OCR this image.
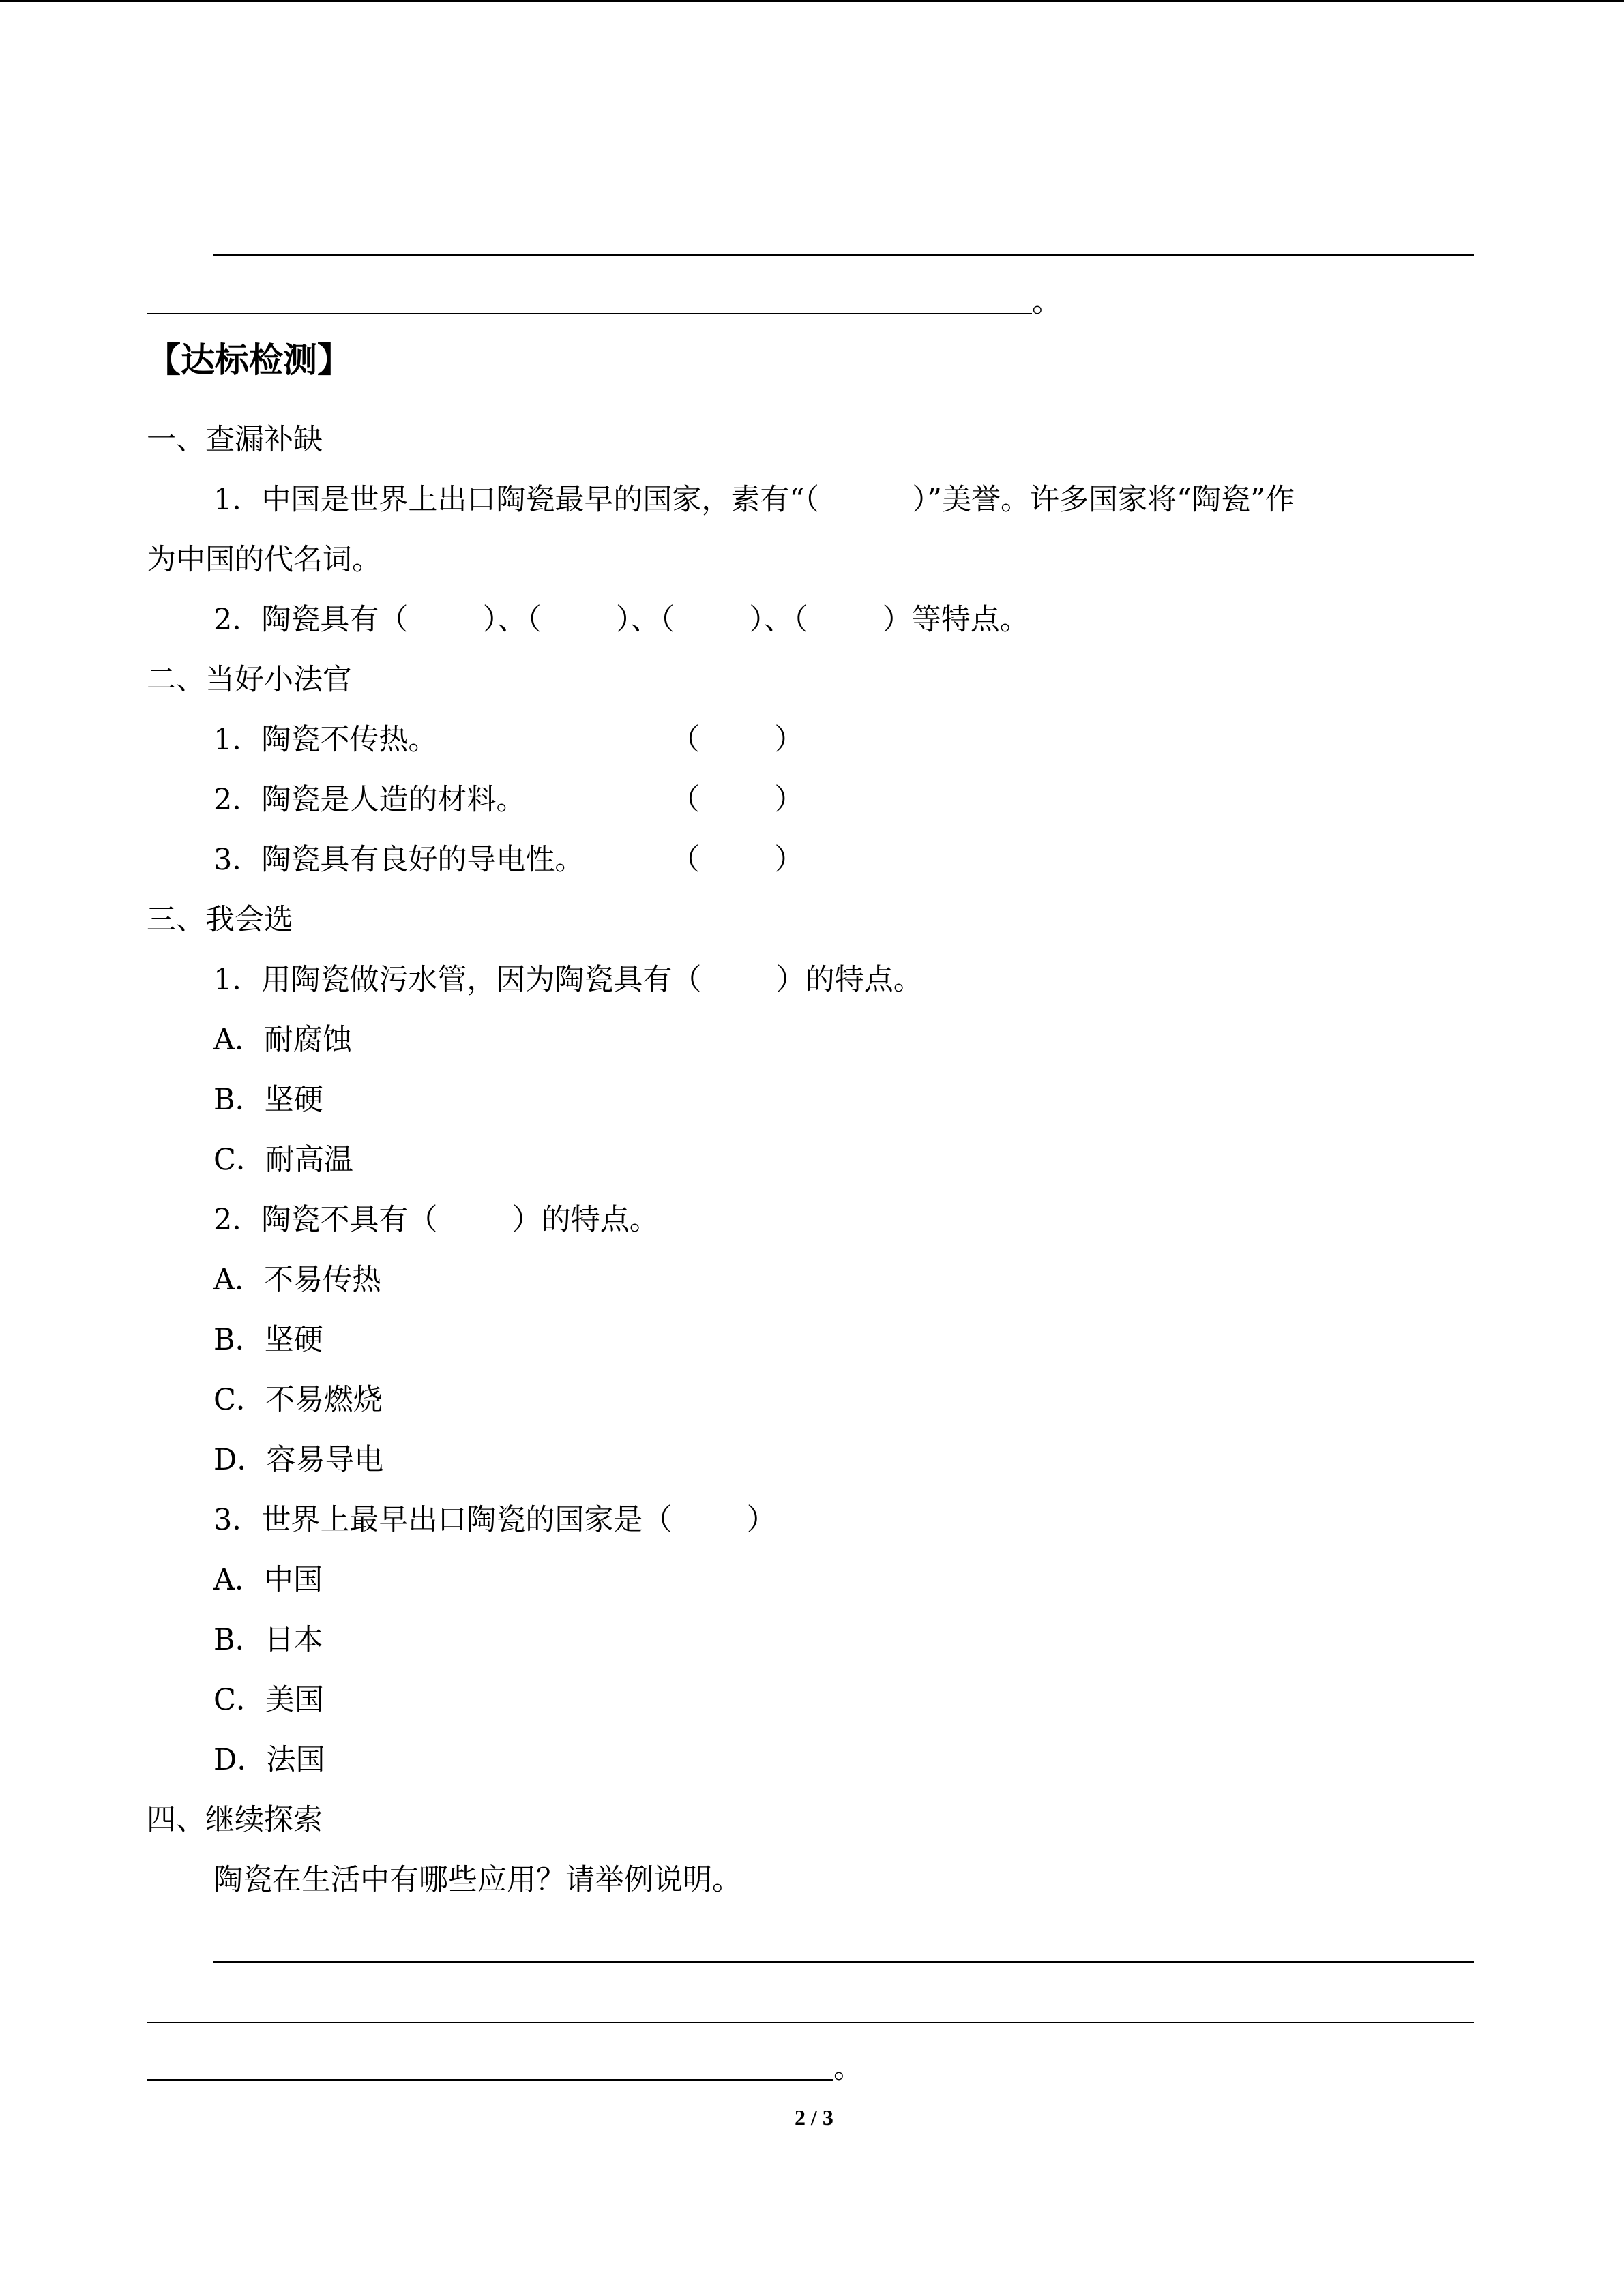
。
【达标检测】
一、查漏补缺
1．中国是世界上出口陶瓷最早的国家，素有“（          ）”美誉。许多国家将“陶瓷”作
为中国的代名词。
2．陶瓷具有（        ）、（        ）、（        ）、（        ）等特点。
二、当好小法官
1．陶瓷不传热。	（        ）
2．陶瓷是人造的材料。	（        ）
3．陶瓷具有良好的导电性。	（        ）
三、我会选
1．用陶瓷做污水管，因为陶瓷具有（        ）的特点。
A．耐腐蚀
B．坚硬
C．耐高温
2．陶瓷不具有（        ）的特点。
A．不易传热
B．坚硬
C．不易燃烧
D．容易导电
3．世界上最早出口陶瓷的国家是（        ）
A．中国
B．日本
C．美国
D．法国
四、继续探索
陶瓷在生活中有哪些应用？请举例说明。
。
2 / 3
